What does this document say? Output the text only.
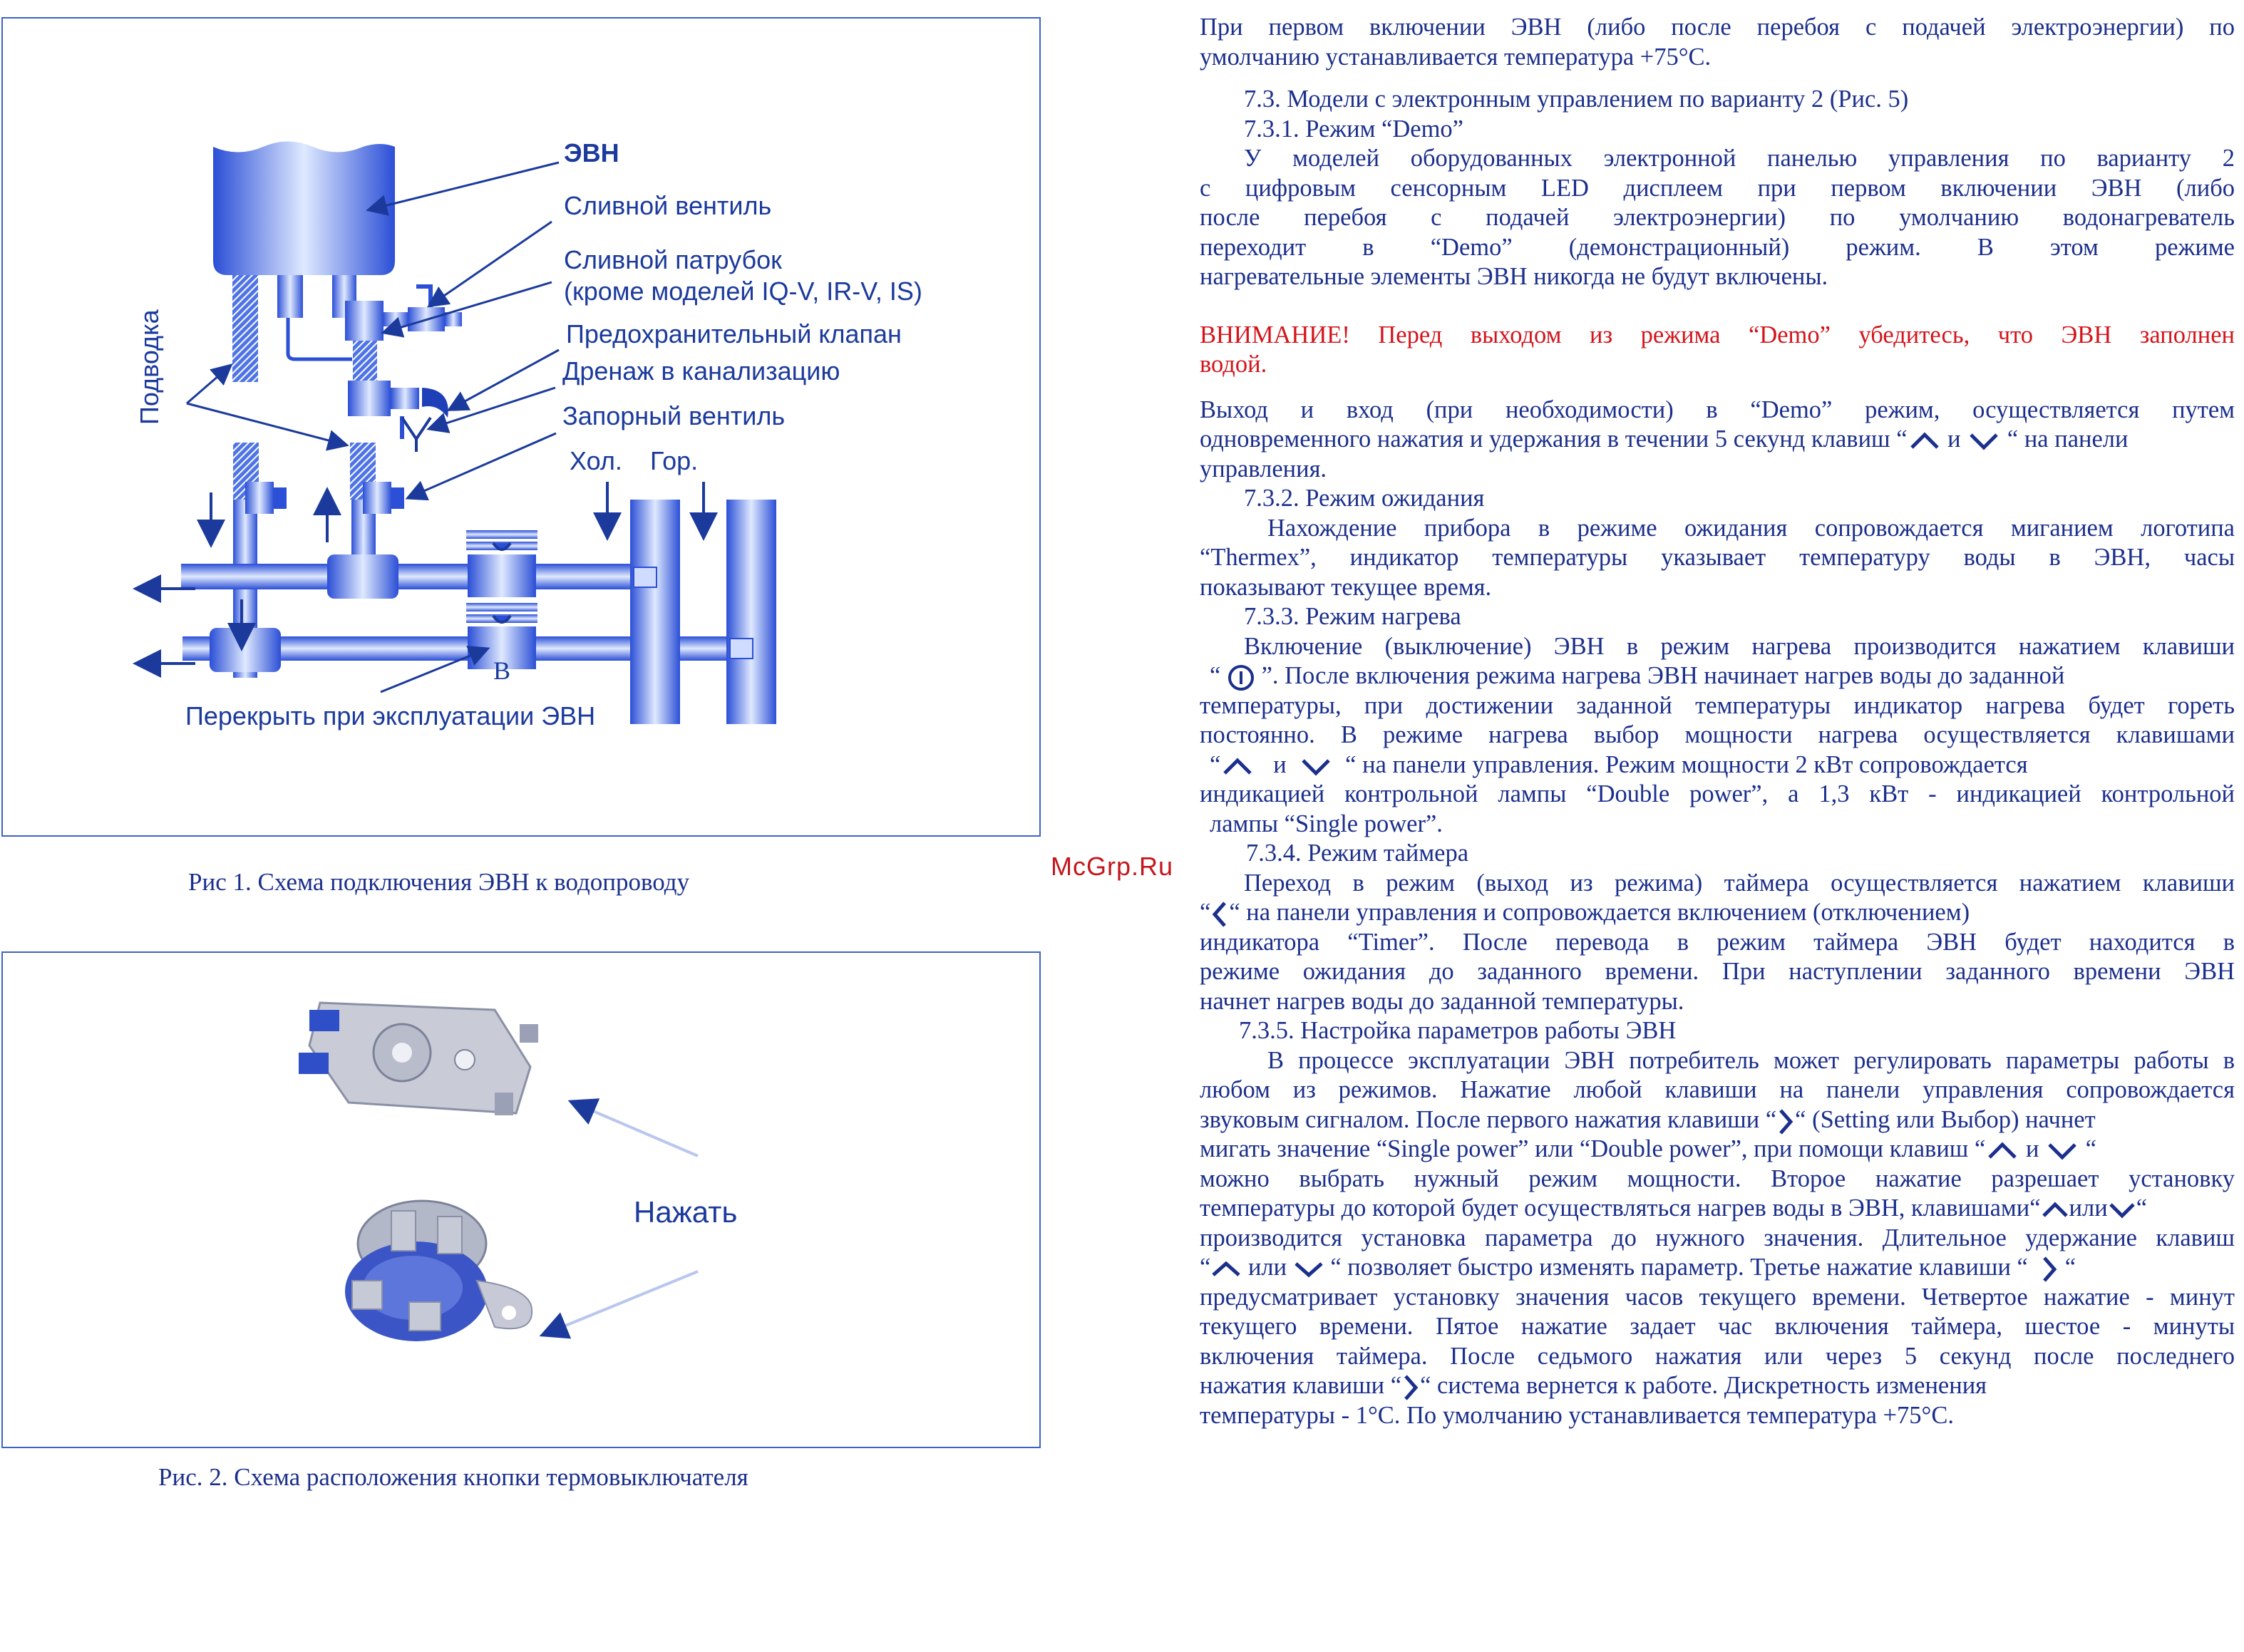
ЭВН
Сливной вентиль
Сливной патрубок
(кроме моделей IQ-V, IR-V, IS)
Предохранительный клапан
Дренаж в канализацию
Запорный вентиль
Хол. Гор.
Подводка
B
Перекрыть при эксплуатации ЭВН
Рис 1. Схема подключения ЭВН к водопроводу
Нажать
Рис. 2. Схема расположения кнопки термовыключателя
McGrp.Ru
При первом включении ЭВН (либо после перебоя с подачей электроэнергии) по
умолчанию устанавливается температура +75°С.
7.3. Модели с электронным управлением по варианту 2 (Рис. 5)
7.3.1. Режим “Demo”
У моделей оборудованных электронной панелью управления по варианту 2
с цифровым сенсорным LED дисплеем при первом включении ЭВН (либо
после перебоя с подачей электроэнергии) по умолчанию водонагреватель
переходит в “Demo” (демонстрационный) режим. В этом режиме
нагревательные элементы ЭВН никогда не будут включены.
ВНИМАНИЕ! Перед выходом из режима “Demo” убедитесь, что ЭВН заполнен
водой.
Выход и вход (при необходимости) в “Demo” режим, осуществляется путем
одновременного нажатия и удержания в течении 5 секунд клавиш “ и  “ на панели
управления.
7.3.2. Режим ожидания
Нахождение прибора в режиме ожидания сопровождается миганием логотипа
“Thermex”, индикатор температуры указывает температуру воды в ЭВН, часы
показывают текущее время.
7.3.3. Режим нагрева
Включение (выключение) ЭВН в режим нагрева производится нажатием клавиши
“ ”. После включения режима нагрева ЭВН начинает нагрев воды до заданной
температуры, при достижении заданной температуры индикатор нагрева будет гореть
постоянно. В режиме нагрева выбор мощности нагрева осуществляется клавишами
“ и “ на панели управления. Режим мощности 2 кВт сопровождается
индикацией контрольной лампы “Double power”, а 1,3 кВт - индикацией контрольной
лампы “Single power”.
7.3.4. Режим таймера
Переход в режим (выход из режима) таймера осуществляется нажатием клавиши
“ “ на панели управления и сопровождается включением (отключением)
индикатора “Timer”. После перевода в режим таймера ЭВН будет находится в
режиме ожидания до заданного времени. При наступлении заданного времени ЭВН
начнет нагрев воды до заданной температуры.
7.3.5. Настройка параметров работы ЭВН
В процессе эксплуатации ЭВН потребитель может регулировать параметры работы в
любом из режимов. Нажатие любой клавиши на панели управления сопровождается
звуковым сигналом. После первого нажатия клавиши “ “ (Setting или Выбор) начнет
мигать значение “Single power” или “Double power”, при помощи клавиш “ и  “
можно выбрать нужный режим мощности. Второе нажатие разрешает установку
температуры до которой будет осуществляться нагрев воды в ЭВН, клавишами“ или “
производится установка параметра до нужного значения. Длительное удержание клавиш
“ или “ позволяет быстро изменять параметр. Третье нажатие клавиши “ “
предусматривает установку значения часов текущего времени. Четвертое нажатие - минут
текущего времени. Пятое нажатие задает час включения таймера, шестое - минуты
включения таймера. После седьмого нажатия или через 5 секунд после последнего
нажатия клавиши “ “ система вернется к работе. Дискретность изменения
температуры - 1°С. По умолчанию устанавливается температура +75°С.
